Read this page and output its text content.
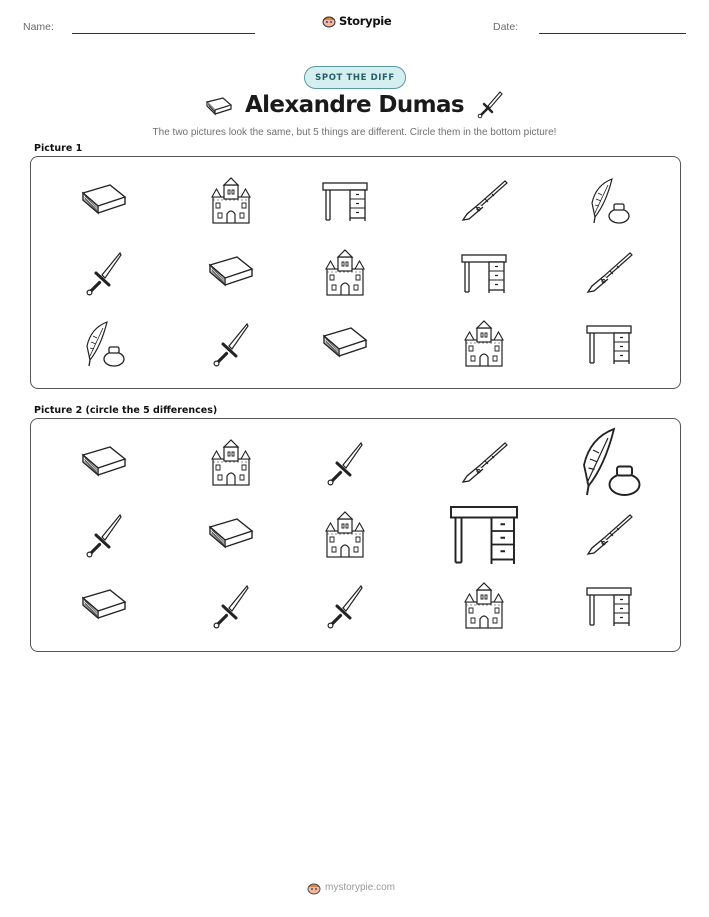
Name:	Storypie	Date:
SPOT THE DIFF
Alexandre Dumas
The two pictures look the same, but 5 things are different. Circle them in the bottom picture!
Picture 1
Picture 2 (circle the 5 differences)
mystorypie.com
